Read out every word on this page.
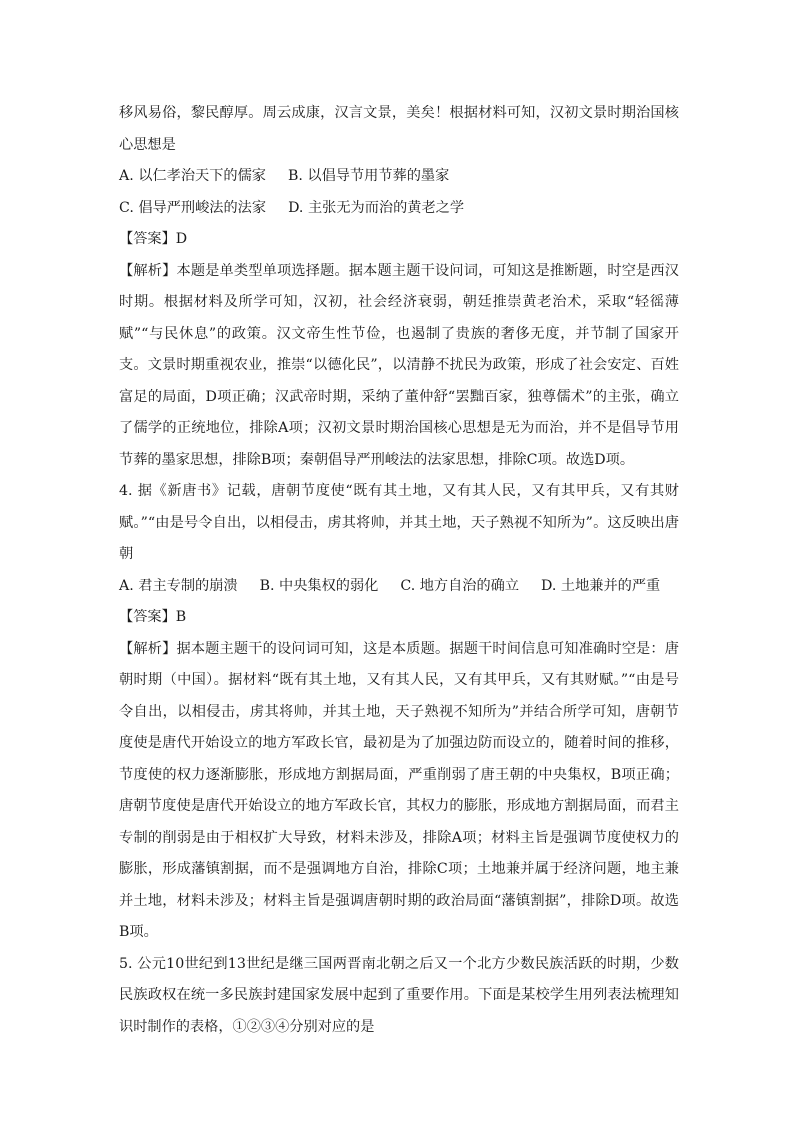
移风易俗，黎民醇厚。周云成康，汉言文景，美矣！根据材料可知，汉初文景时期治国核心思想是

A. 以仁孝治天下的儒家 B. 以倡导节用节葬的墨家

C. 倡导严刑峻法的法家 D. 主张无为而治的黄老之学

【答案】D

【解析】本题是单类型单项选择题。据本题主题干设问词，可知这是推断题，时空是西汉时期。根据材料及所学可知，汉初，社会经济衰弱，朝廷推崇黄老治术，采取“轻徭薄赋”“与民休息”的政策。汉文帝生性节俭，也遏制了贵族的奢侈无度，并节制了国家开支。文景时期重视农业，推崇“以德化民”，以清静不扰民为政策，形成了社会安定、百姓富足的局面，D项正确；汉武帝时期，采纳了董仲舒“罢黜百家，独尊儒术”的主张，确立了儒学的正统地位，排除A项；汉初文景时期治国核心思想是无为而治，并不是倡导节用节葬的墨家思想，排除B项；秦朝倡导严刑峻法的法家思想，排除C项。故选D项。

4. 据《新唐书》记载，唐朝节度使“既有其土地，又有其人民，又有其甲兵，又有其财赋。”“由是号令自出，以相侵击，虏其将帅，并其土地，天子熟视不知所为”。这反映出唐朝

A. 君主专制的崩溃 B. 中央集权的弱化 C. 地方自治的确立 D. 土地兼并的严重

【答案】B

【解析】据本题主题干的设问词可知，这是本质题。据题干时间信息可知准确时空是：唐朝时期（中国）。据材料“既有其土地，又有其人民，又有其甲兵，又有其财赋。”“由是号令自出，以相侵击，虏其将帅，并其土地，天子熟视不知所为”并结合所学可知，唐朝节度使是唐代开始设立的地方军政长官，最初是为了加强边防而设立的，随着时间的推移，节度使的权力逐渐膨胀，形成地方割据局面，严重削弱了唐王朝的中央集权，B项正确；唐朝节度使是唐代开始设立的地方军政长官，其权力的膨胀，形成地方割据局面，而君主专制的削弱是由于相权扩大导致，材料未涉及，排除A项；材料主旨是强调节度使权力的膨胀，形成藩镇割据，而不是强调地方自治，排除C项；土地兼并属于经济问题，地主兼并土地，材料未涉及；材料主旨是强调唐朝时期的政治局面“藩镇割据”，排除D项。故选B项。

5. 公元10世纪到13世纪是继三国两晋南北朝之后又一个北方少数民族活跃的时期，少数民族政权在统一多民族封建国家发展中起到了重要作用。下面是某校学生用列表法梳理知识时制作的表格，①②③④分别对应的是
